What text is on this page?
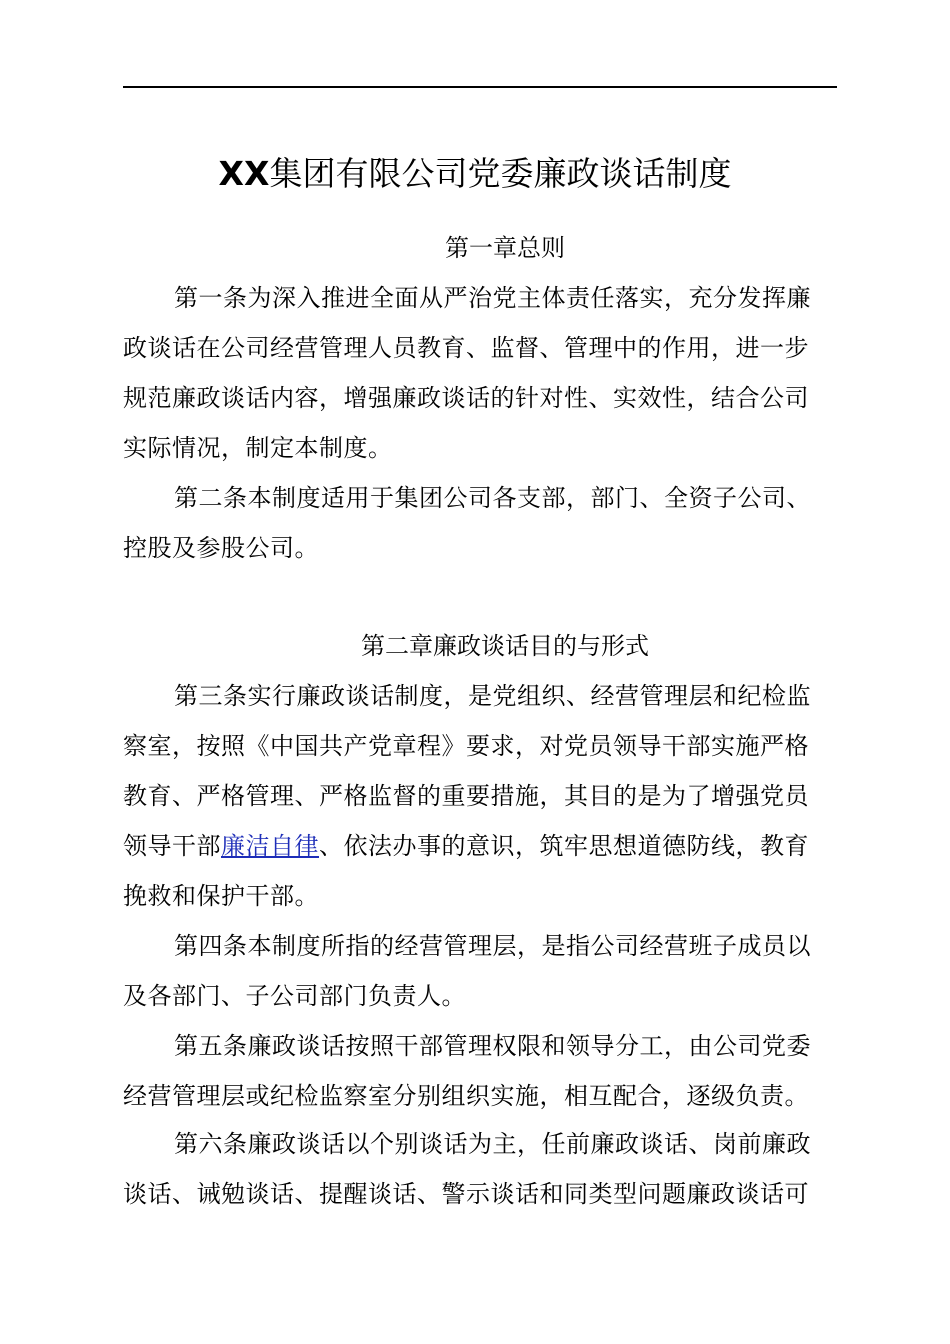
XX集团有限公司党委廉政谈话制度
第一章总则
第一条为深入推进全面从严治党主体责任落实，充分发挥廉
政谈话在公司经营管理人员教育、监督、管理中的作用，进一步
规范廉政谈话内容，增强廉政谈话的针对性、实效性，结合公司
实际情况，制定本制度。
第二条本制度适用于集团公司各支部，部门、全资子公司、
控股及参股公司。
第二章廉政谈话目的与形式
第三条实行廉政谈话制度，是党组织、经营管理层和纪检监
察室，按照《中国共产党章程》要求，对党员领导干部实施严格
教育、严格管理、严格监督的重要措施，其目的是为了增强党员
领导干部廉洁自律、依法办事的意识，筑牢思想道德防线，教育
挽救和保护干部。
第四条本制度所指的经营管理层，是指公司经营班子成员以
及各部门、子公司部门负责人。
第五条廉政谈话按照干部管理权限和领导分工，由公司党委
经营管理层或纪检监察室分别组织实施，相互配合，逐级负责。
第六条廉政谈话以个别谈话为主，任前廉政谈话、岗前廉政
谈话、诫勉谈话、提醒谈话、警示谈话和同类型问题廉政谈话可
